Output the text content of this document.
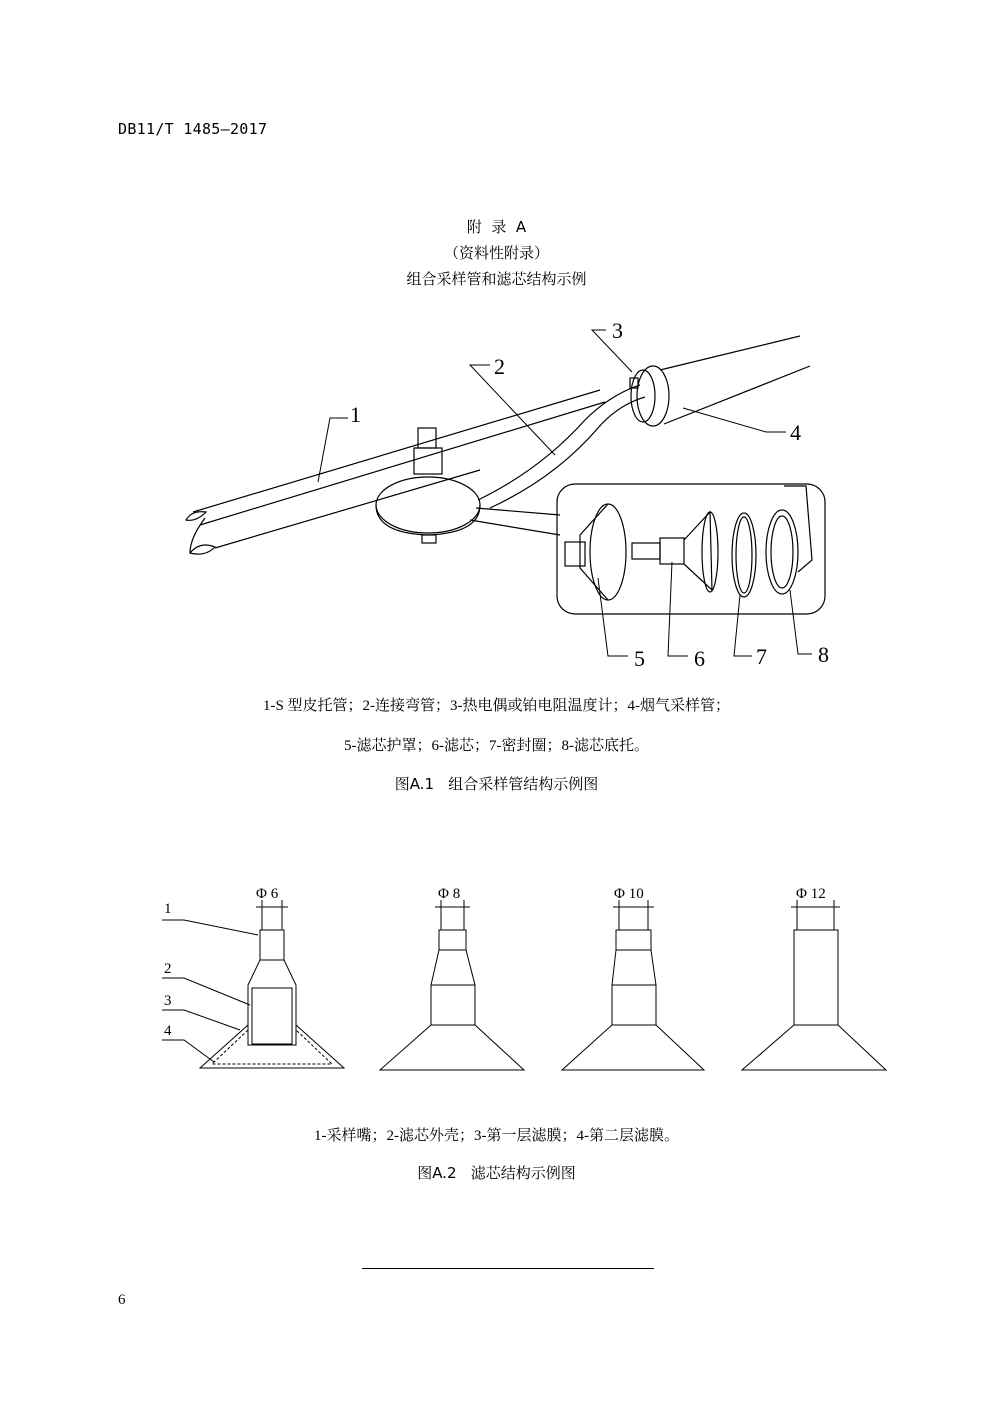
DB11/T 1485—2017
附  录  A
（资料性附录）
组合采样管和滤芯结构示例
1
2
3
4
5 6 7 8
1-S 型皮托管；2-连接弯管；3-热电偶或铂电阻温度计；4-烟气采样管；
5-滤芯护罩；6-滤芯；7-密封圈；8-滤芯底托。
图A.1   组合采样管结构示例图
1
2
3
4
Φ 6	Φ 8	Φ 10	Φ 12
1-采样嘴；2-滤芯外壳；3-第一层滤膜；4-第二层滤膜。
图A.2   滤芯结构示例图
6
